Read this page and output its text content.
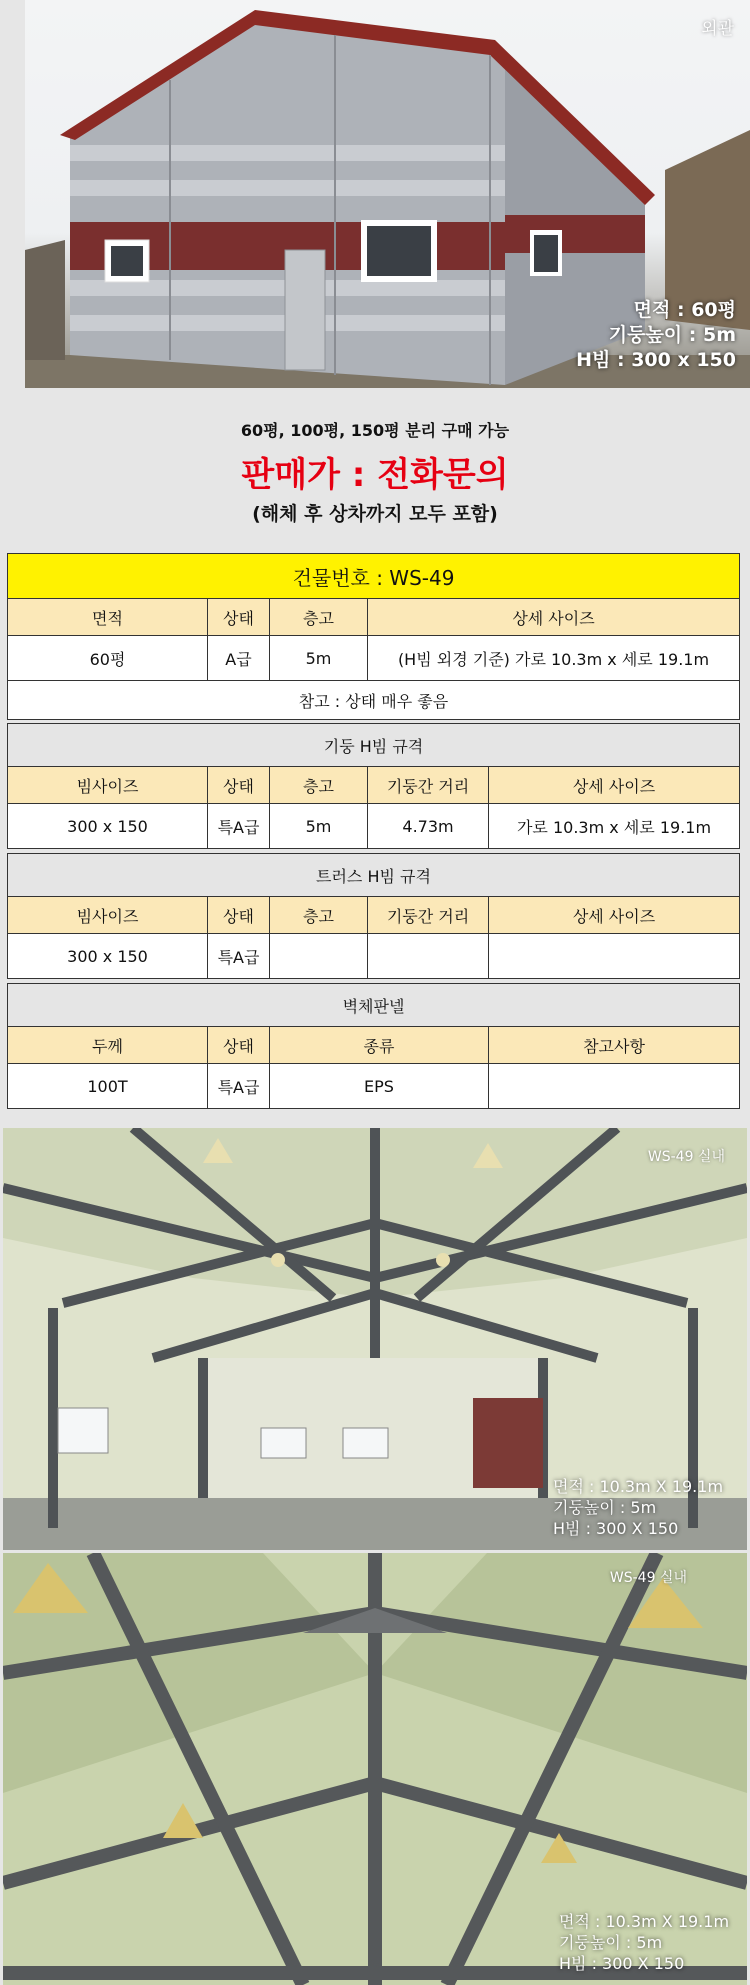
외관
면적 : 60평
기둥높이 : 5m
H빔 : 300 x 150
60평, 100평, 150평 분리 구매 가능
판매가 : 전화문의
(해체 후 상차까지 모두 포함)
건물번호 : WS-49
면적	상태	층고	상세 사이즈
60평	A급	5m	(H빔 외경 기준) 가로 10.3m x 세로 19.1m
참고 : 상태 매우 좋음
기둥 H빔 규격
빔사이즈	상태	층고	기둥간 거리	상세 사이즈
300 x 150	특A급	5m	4.73m	가로 10.3m x 세로 19.1m
트러스 H빔 규격
빔사이즈	상태	층고	기둥간 거리	상세 사이즈
300 x 150	특A급
벽체판넬
두께	상태	종류	참고사항
100T	특A급	EPS
WS-49 실내
면적 : 10.3m X 19.1m
기둥높이 : 5m
H빔 : 300 X 150
WS-49 실내
면적 : 10.3m X 19.1m
기둥높이 : 5m
H빔 : 300 X 150
